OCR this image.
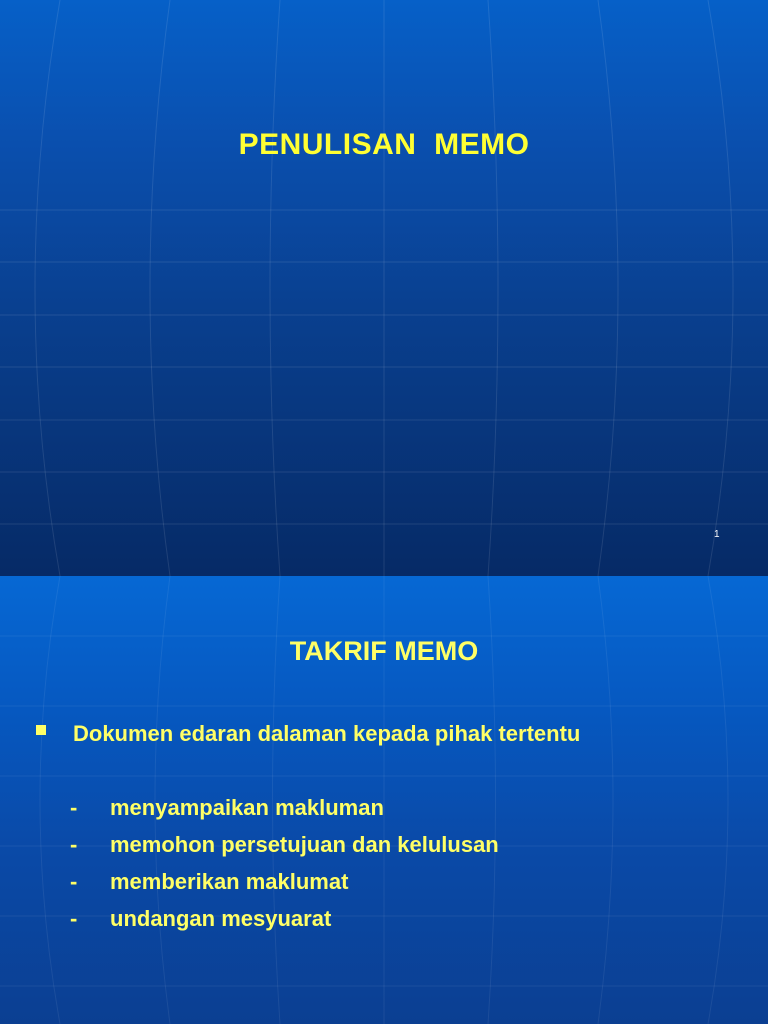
PENULISAN  MEMO
1
TAKRIF MEMO
Dokumen edaran dalaman kepada pihak tertentu
-	menyampaikan makluman
-	memohon persetujuan dan kelulusan
-	memberikan maklumat
-	undangan mesyuarat
